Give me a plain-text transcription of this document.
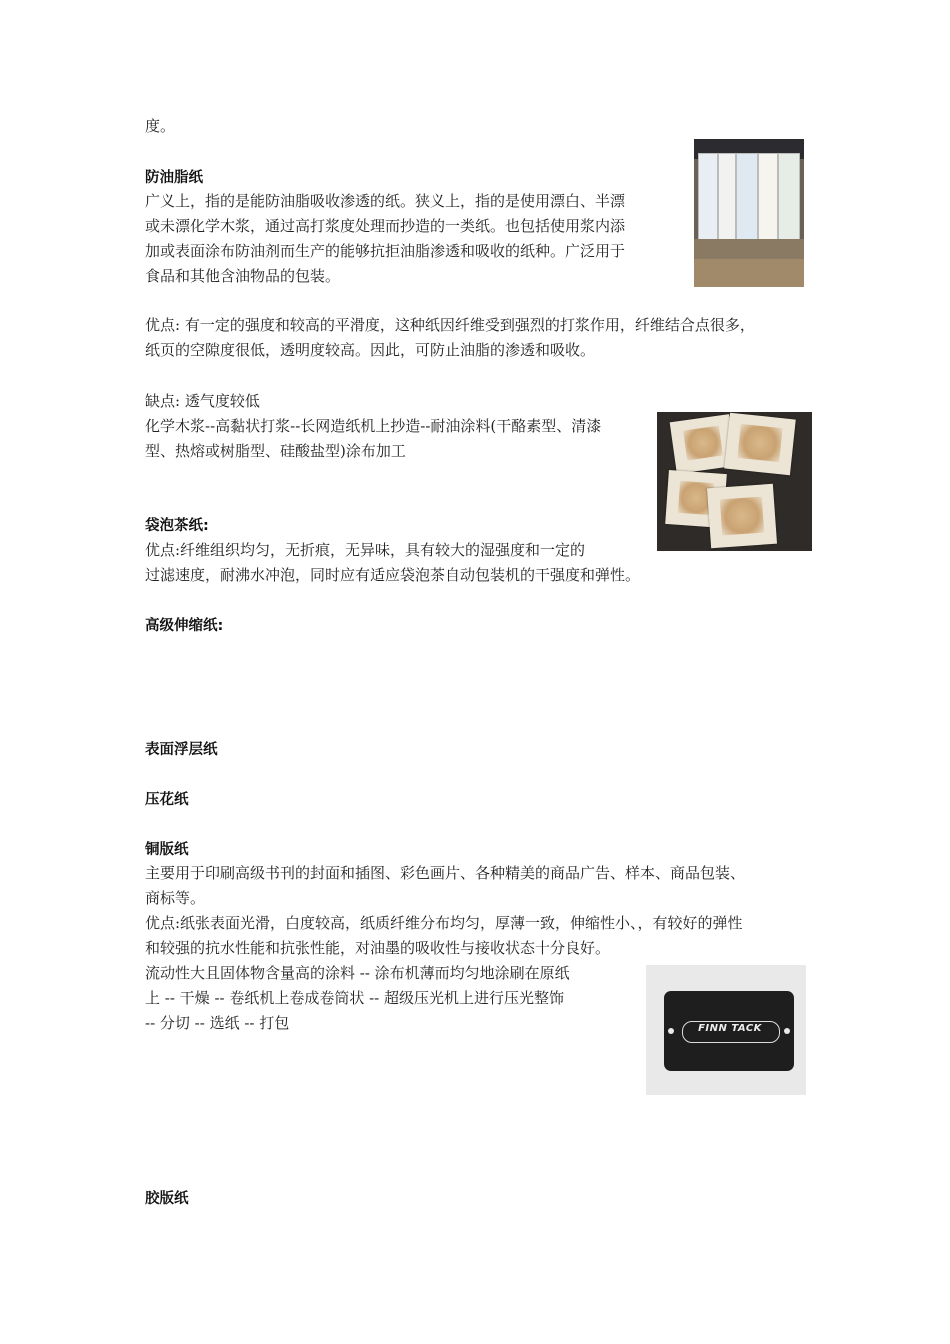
度。
防油脂纸
广义上，指的是能防油脂吸收渗透的纸。狭义上，指的是使用漂白、半漂
或未漂化学木浆，通过高打浆度处理而抄造的一类纸。也包括使用浆内添
加或表面涂布防油剂而生产的能够抗拒油脂渗透和吸收的纸种。广泛用于
食品和其他含油物品的包装。
优点: 有一定的强度和较高的平滑度，这种纸因纤维受到强烈的打浆作用，纤维结合点很多，
纸页的空隙度很低，透明度较高。因此，可防止油脂的渗透和吸收。
缺点: 透气度较低
化学木浆--高黏状打浆--长网造纸机上抄造--耐油涂料(干酪素型、清漆
型、热熔或树脂型、硅酸盐型)涂布加工
袋泡茶纸:
优点:纤维组织均匀，无折痕，无异味，具有较大的湿强度和一定的
过滤速度，耐沸水冲泡，同时应有适应袋泡茶自动包装机的干强度和弹性。
高级伸缩纸:
表面浮层纸
压花纸
铜版纸
主要用于印刷高级书刊的封面和插图、彩色画片、各种精美的商品广告、样本、商品包装、
商标等。
优点:纸张表面光滑，白度较高，纸质纤维分布均匀，厚薄一致，伸缩性小、，有较好的弹性
和较强的抗水性能和抗张性能，对油墨的吸收性与接收状态十分良好。
流动性大且固体物含量高的涂料 -- 涂布机薄而均匀地涂刷在原纸
上 -- 干燥 -- 卷纸机上卷成卷筒状 -- 超级压光机上进行压光整饰
-- 分切 -- 选纸 -- 打包	FINN TACK
胶版纸
